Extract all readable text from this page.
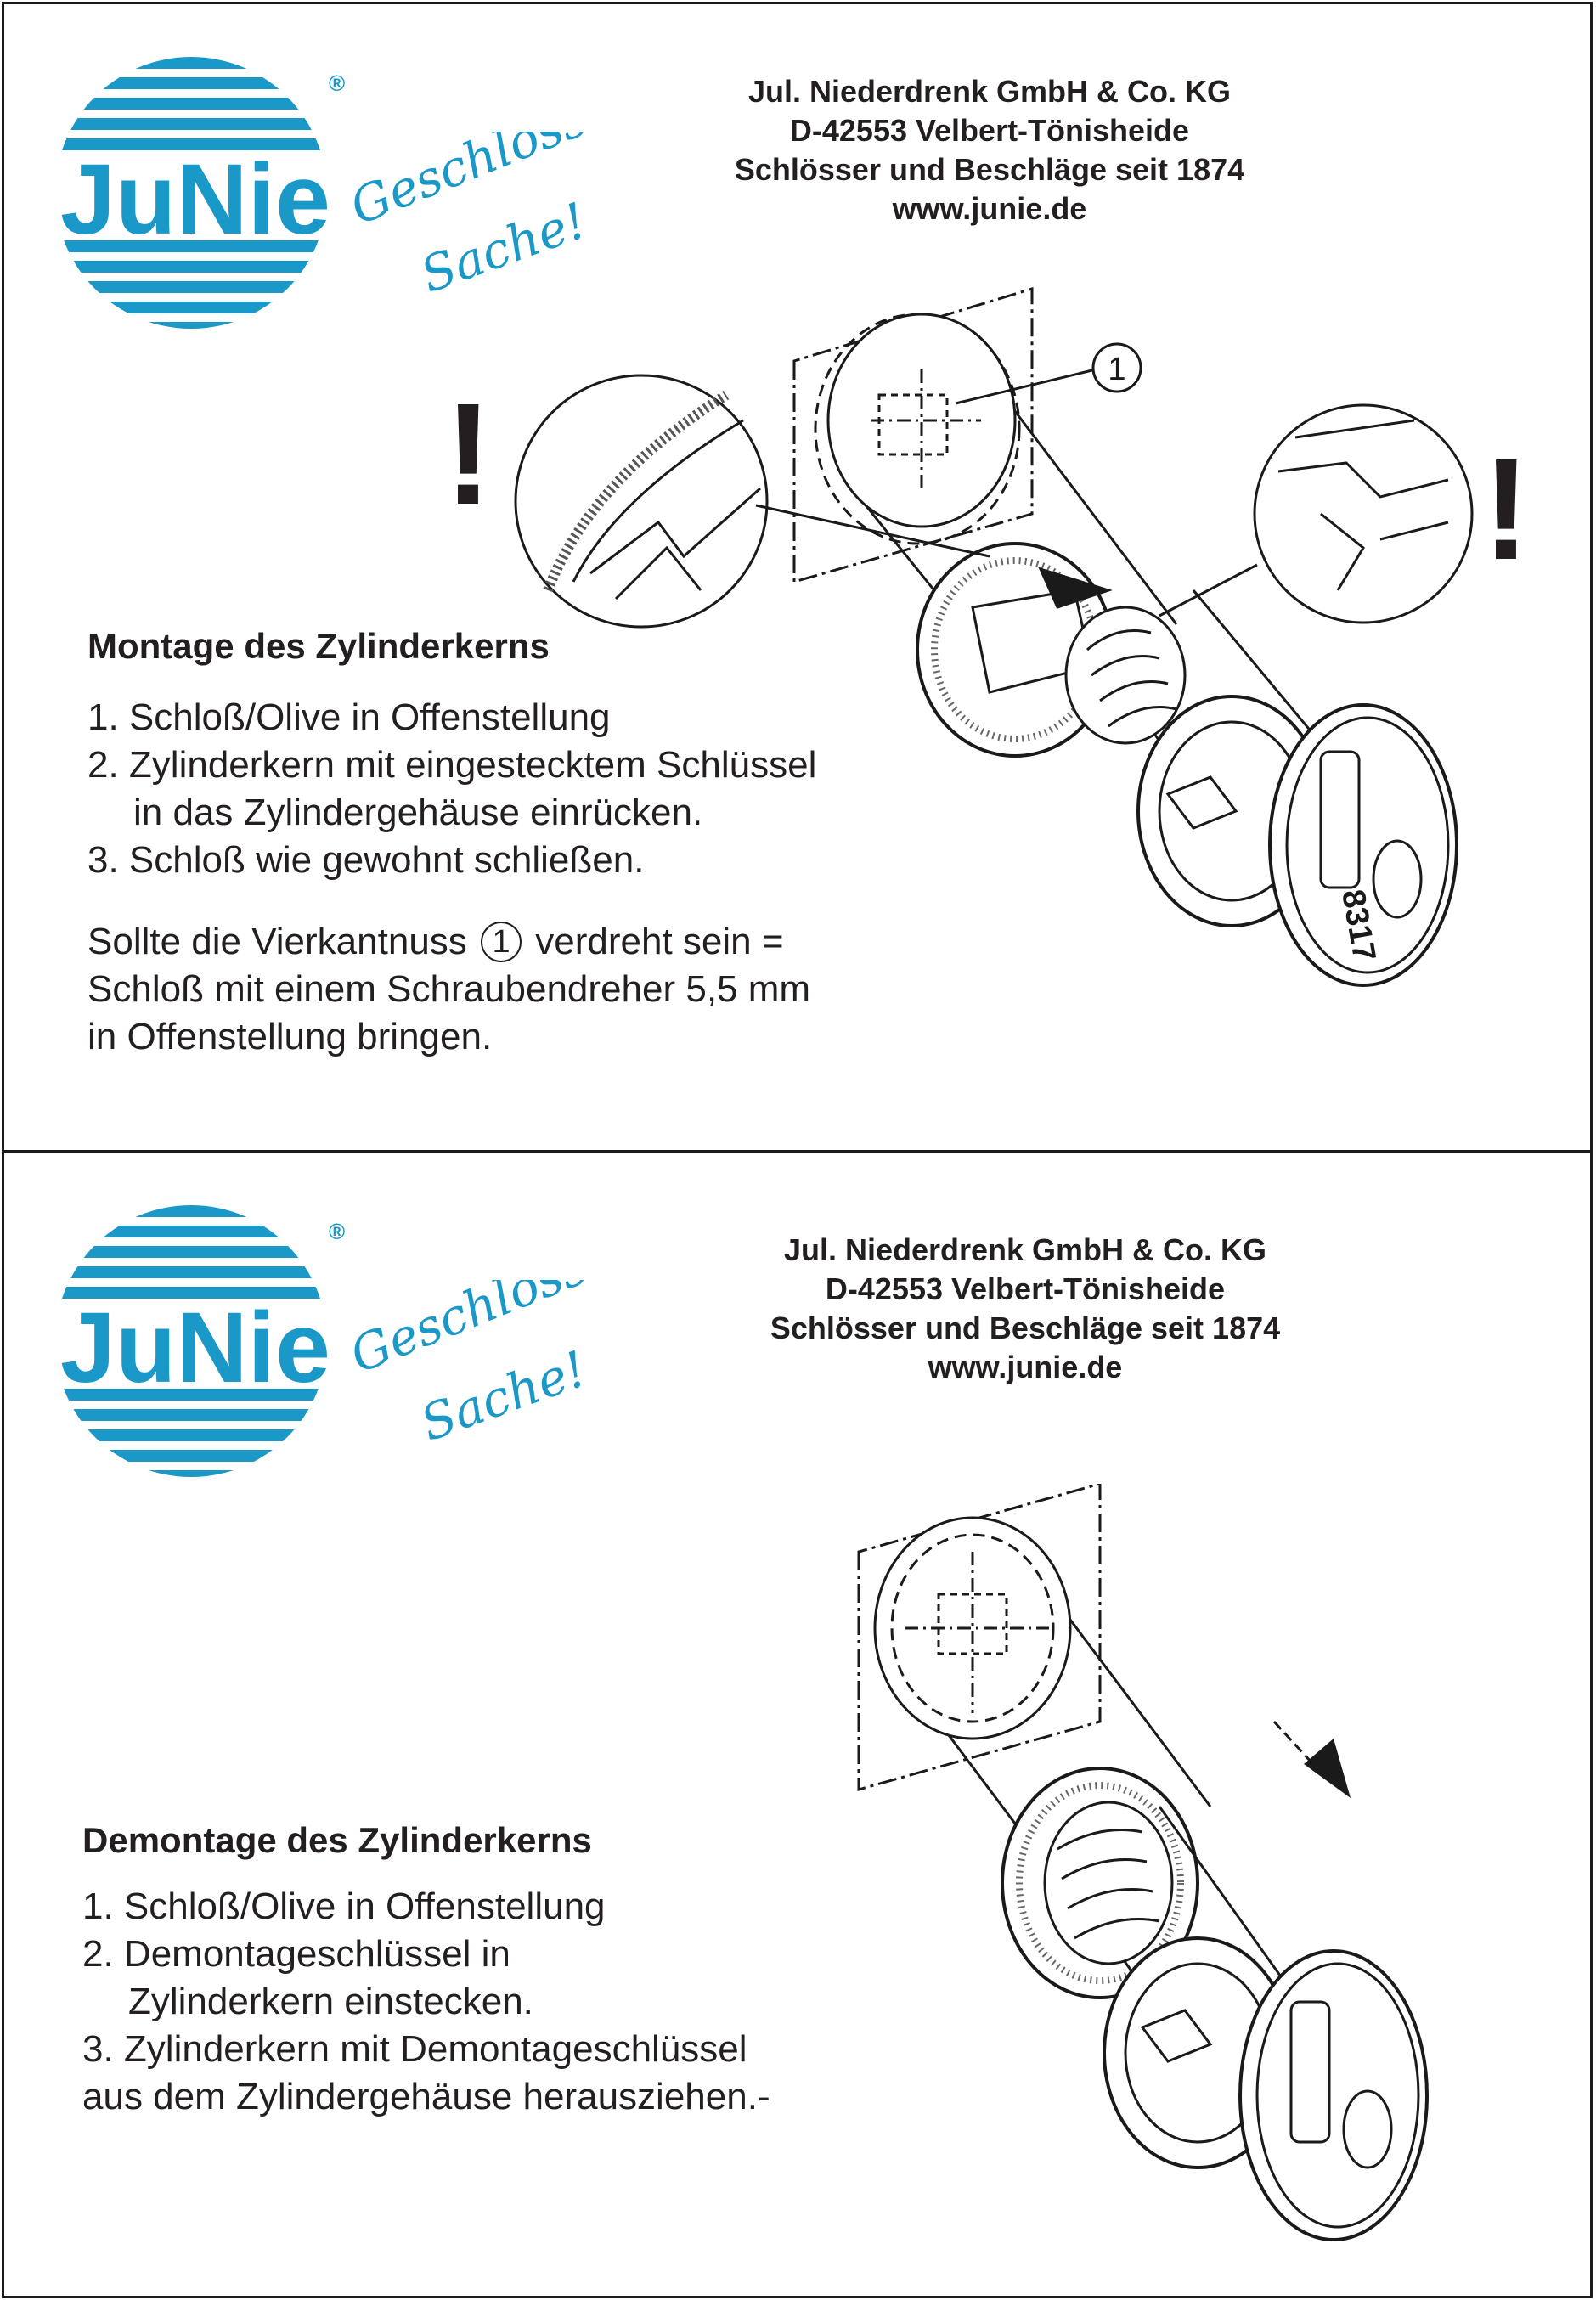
JuNie
®
Geschlossene
Sache!
Jul. Niederdrenk GmbH & Co. KG
D-42553 Velbert-Tönisheide
Schlösser und Beschläge seit 1874
www.junie.de
1
8317
!	!
Montage des Zylinderkerns
1. Schloß/Olive in Offenstellung
2. Zylinderkern mit eingestecktem Schlüssel
in das Zylindergehäuse einrücken.
3. Schloß wie gewohnt schließen.
Sollte die Vierkantnuss 1 verdreht sein =
Schloß mit einem Schraubendreher 5,5 mm
in Offenstellung bringen.
JuNie
®
Geschlossene
Sache!
Jul. Niederdrenk GmbH & Co. KG
D-42553 Velbert-Tönisheide
Schlösser und Beschläge seit 1874
www.junie.de
Demontage des Zylinderkerns
1. Schloß/Olive in Offenstellung
2. Demontageschlüssel in
Zylinderkern einstecken.
3. Zylinderkern mit Demontageschlüssel
aus dem Zylindergehäuse herausziehen.-
